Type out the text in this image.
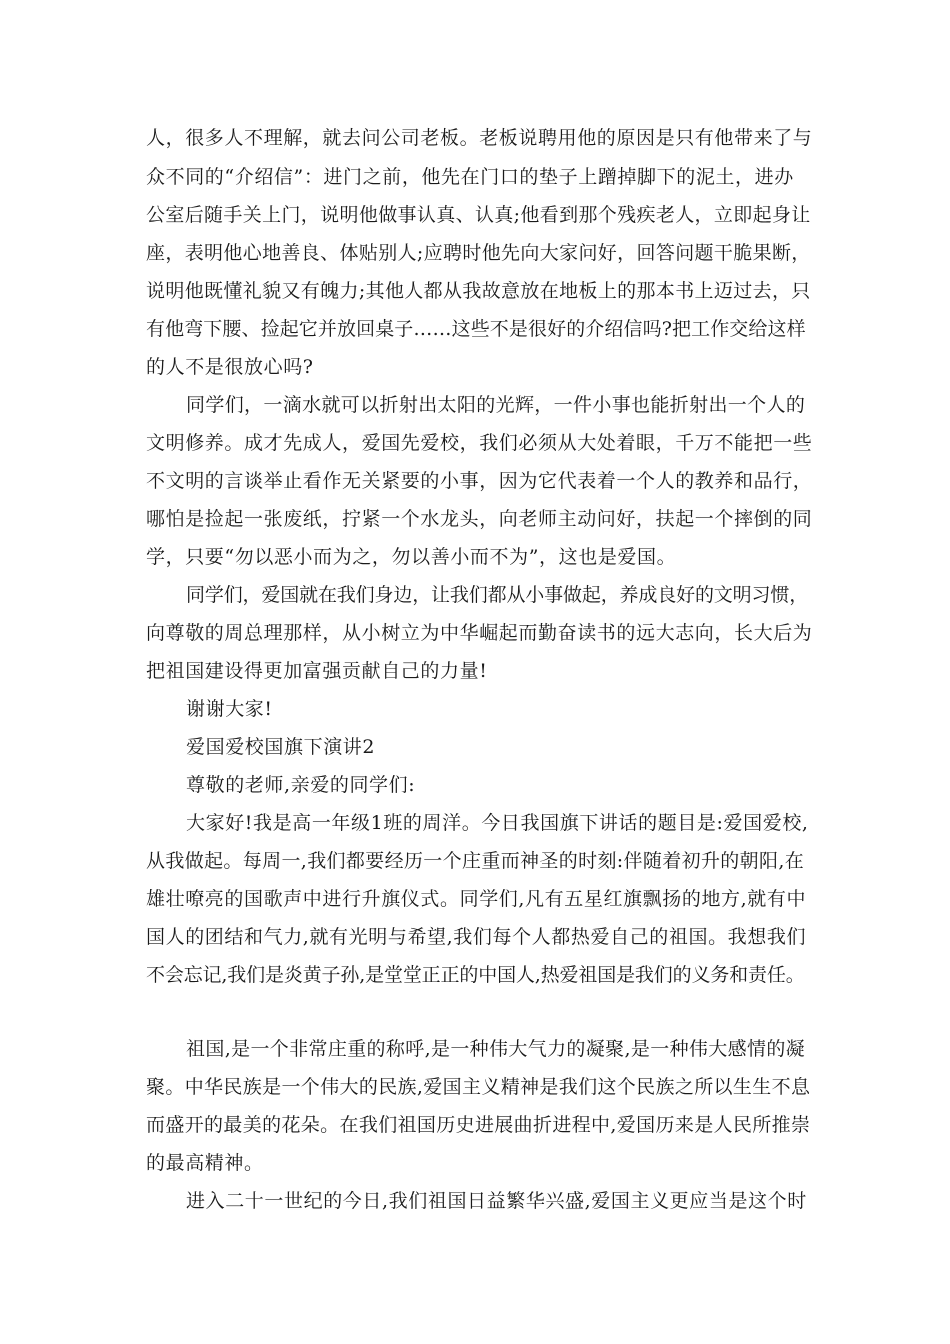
人，很多人不理解，就去问公司老板。老板说聘用他的原因是只有他带来了与
众不同的“介绍信”：进门之前，他先在门口的垫子上蹭掉脚下的泥土，进办
公室后随手关上门，说明他做事认真、认真;他看到那个残疾老人，立即起身让
座，表明他心地善良、体贴别人;应聘时他先向大家问好，回答问题干脆果断，
说明他既懂礼貌又有魄力;其他人都从我故意放在地板上的那本书上迈过去，只
有他弯下腰、捡起它并放回桌子……这些不是很好的介绍信吗?把工作交给这样
的人不是很放心吗?
同学们，一滴水就可以折射出太阳的光辉，一件小事也能折射出一个人的
文明修养。成才先成人，爱国先爱校，我们必须从大处着眼，千万不能把一些
不文明的言谈举止看作无关紧要的小事，因为它代表着一个人的教养和品行，
哪怕是捡起一张废纸，拧紧一个水龙头，向老师主动问好，扶起一个摔倒的同
学，只要“勿以恶小而为之，勿以善小而不为”，这也是爱国。
同学们，爱国就在我们身边，让我们都从小事做起，养成良好的文明习惯，
向尊敬的周总理那样，从小树立为中华崛起而勤奋读书的远大志向，长大后为
把祖国建设得更加富强贡献自己的力量!
谢谢大家!
爱国爱校国旗下演讲2
尊敬的老师,亲爱的同学们:
大家好!我是高一年级1班的周洋。今日我国旗下讲话的题目是:爱国爱校,
从我做起。每周一,我们都要经历一个庄重而神圣的时刻:伴随着初升的朝阳,在
雄壮嘹亮的国歌声中进行升旗仪式。同学们,凡有五星红旗飘扬的地方,就有中
国人的团结和气力,就有光明与希望,我们每个人都热爱自己的祖国。我想我们
不会忘记,我们是炎黄子孙,是堂堂正正的中国人,热爱祖国是我们的义务和责任。
祖国,是一个非常庄重的称呼,是一种伟大气力的凝聚,是一种伟大感情的凝
聚。中华民族是一个伟大的民族,爱国主义精神是我们这个民族之所以生生不息
而盛开的最美的花朵。在我们祖国历史进展曲折进程中,爱国历来是人民所推崇
的最高精神。
进入二十一世纪的今日,我们祖国日益繁华兴盛,爱国主义更应当是这个时
